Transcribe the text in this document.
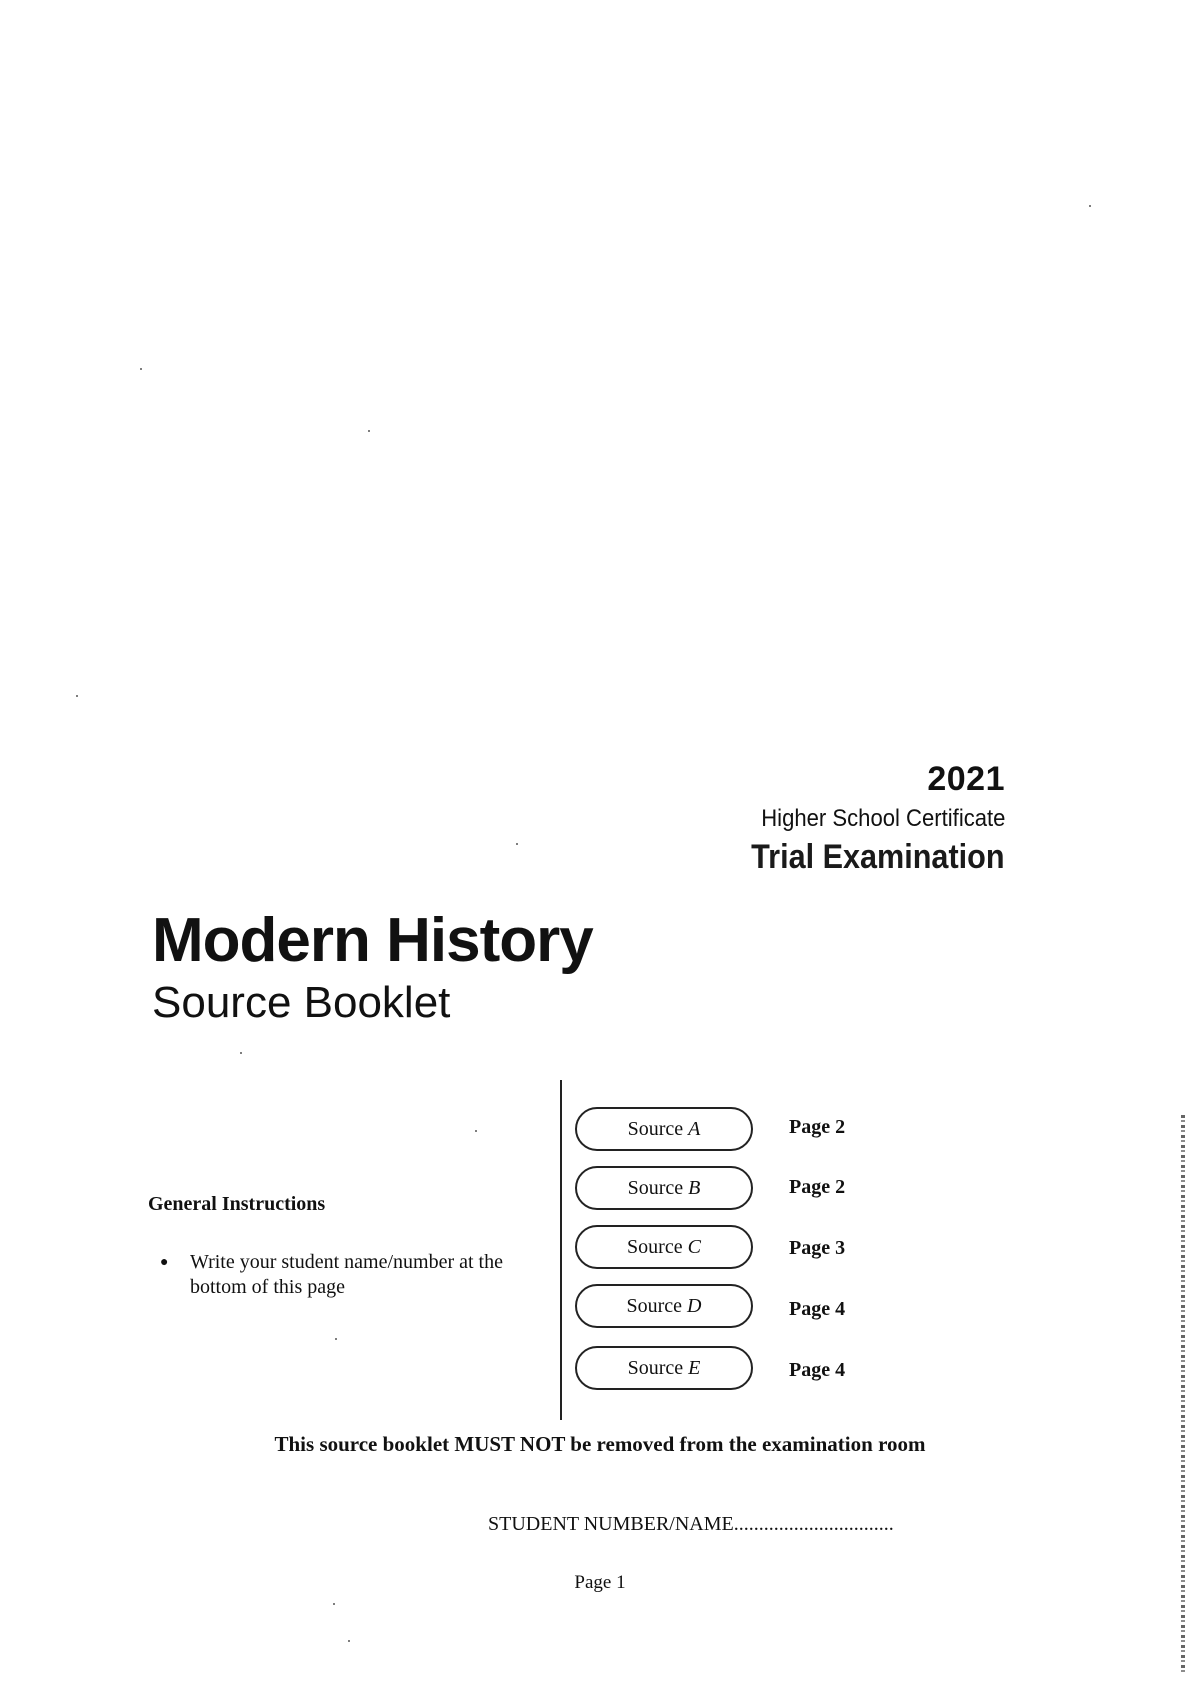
2021
Higher School Certificate
Trial Examination
Modern History
Source Booklet
General Instructions
● Write your student name/number at the bottom of this page
Source A	Page 2
Source B	Page 2
Source C	Page 3
Source D	Page 4
Source E	Page 4
This source booklet MUST NOT be removed from the examination room
STUDENT NUMBER/NAME................................
Page 1
